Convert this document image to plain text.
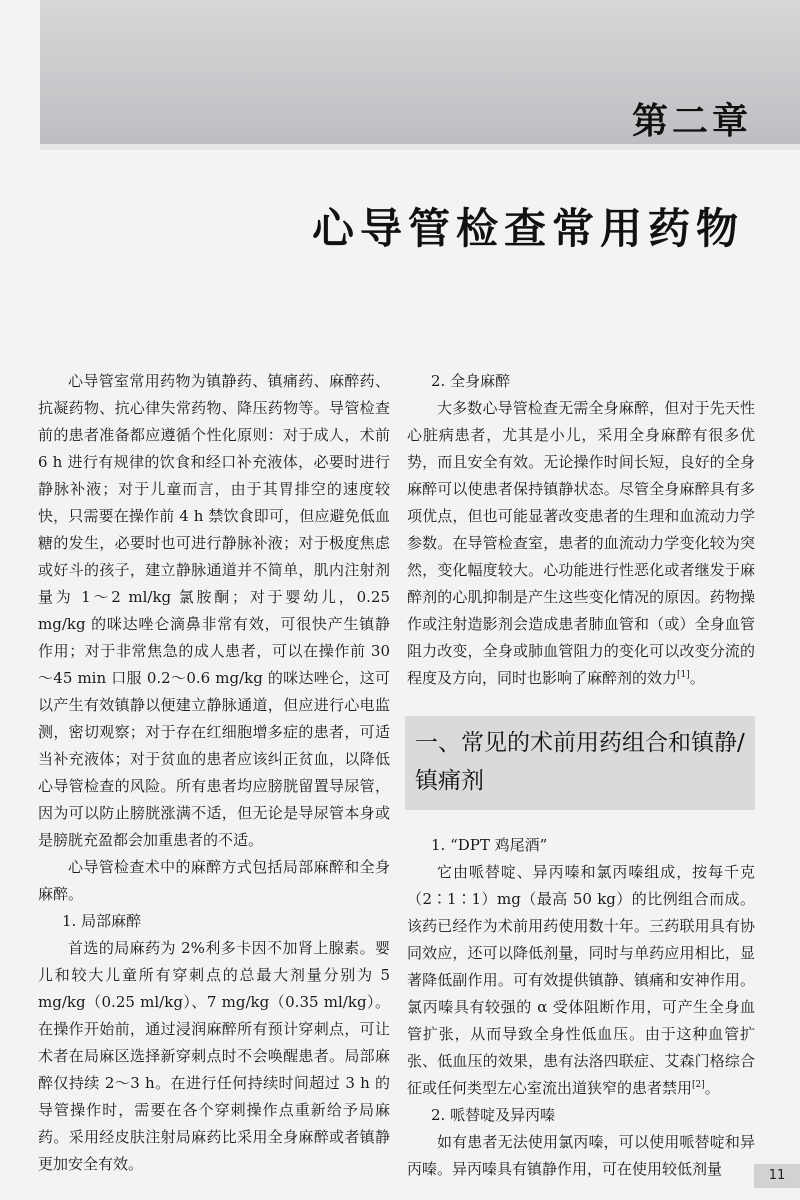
第二章
心导管检查常用药物

心导管室常用药物为镇静药、镇痛药、麻醉药、抗凝药物、抗心律失常药物、降压药物等。导管检查前的患者准备都应遵循个性化原则：对于成人，术前 6 h 进行有规律的饮食和经口补充液体，必要时进行静脉补液；对于儿童而言，由于其胃排空的速度较快，只需要在操作前 4 h 禁饮食即可，但应避免低血糖的发生，必要时也可进行静脉补液；对于极度焦虑或好斗的孩子，建立静脉通道并不简单，肌内注射剂量为 1～2 ml/kg 氯胺酮；对于婴幼儿，0.25 mg/kg 的咪达唑仑滴鼻非常有效，可很快产生镇静作用；对于非常焦急的成人患者，可以在操作前 30～45 min 口服 0.2～0.6 mg/kg 的咪达唑仑，这可以产生有效镇静以便建立静脉通道，但应进行心电监测，密切观察；对于存在红细胞增多症的患者，可适当补充液体；对于贫血的患者应该纠正贫血，以降低心导管检查的风险。所有患者均应膀胱留置导尿管，因为可以防止膀胱涨满不适，但无论是导尿管本身或是膀胱充盈都会加重患者的不适。

心导管检查术中的麻醉方式包括局部麻醉和全身麻醉。

1. 局部麻醉

首选的局麻药为 2%利多卡因不加肾上腺素。婴儿和较大儿童所有穿刺点的总最大剂量分别为 5 mg/kg（0.25 ml/kg）、7 mg/kg（0.35 ml/kg）。在操作开始前，通过浸润麻醉所有预计穿刺点，可让术者在局麻区选择新穿刺点时不会唤醒患者。局部麻醉仅持续 2～3 h。在进行任何持续时间超过 3 h 的导管操作时，需要在各个穿刺操作点重新给予局麻药。采用经皮肤注射局麻药比采用全身麻醉或者镇静更加安全有效。

2. 全身麻醉

大多数心导管检查无需全身麻醉，但对于先天性心脏病患者，尤其是小儿，采用全身麻醉有很多优势，而且安全有效。无论操作时间长短，良好的全身麻醉可以使患者保持镇静状态。尽管全身麻醉具有多项优点，但也可能显著改变患者的生理和血流动力学参数。在导管检查室，患者的血流动力学变化较为突然，变化幅度较大。心功能进行性恶化或者继发于麻醉剂的心肌抑制是产生这些变化情况的原因。药物操作或注射造影剂会造成患者肺血管和（或）全身血管阻力改变，全身或肺血管阻力的变化可以改变分流的程度及方向，同时也影响了麻醉剂的效力[1]。

一、常见的术前用药组合和镇静/镇痛剂

1. “DPT 鸡尾酒”

它由哌替啶、异丙嗪和氯丙嗪组成，按每千克（2∶1∶1）mg（最高 50 kg）的比例组合而成。该药已经作为术前用药使用数十年。三药联用具有协同效应，还可以降低剂量，同时与单药应用相比，显著降低副作用。可有效提供镇静、镇痛和安神作用。氯丙嗪具有较强的 α 受体阻断作用，可产生全身血管扩张，从而导致全身性低血压。由于这种血管扩张、低血压的效果，患有法洛四联症、艾森门格综合征或任何类型左心室流出道狭窄的患者禁用[2]。

2. 哌替啶及异丙嗪

如有患者无法使用氯丙嗪，可以使用哌替啶和异丙嗪。异丙嗪具有镇静作用，可在使用较低剂量	11
